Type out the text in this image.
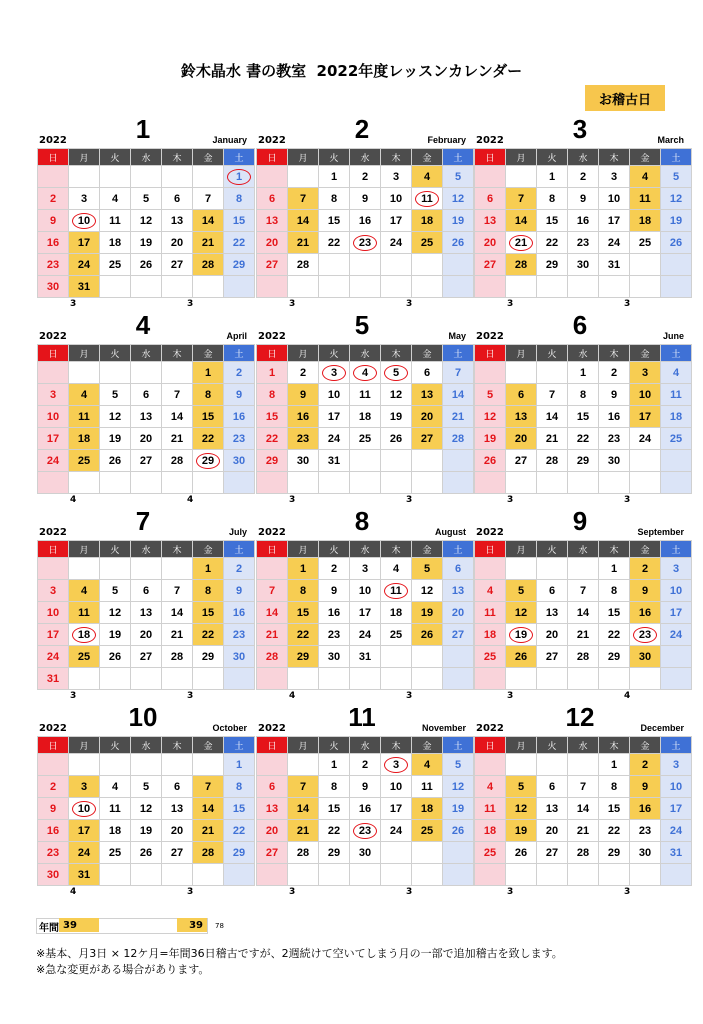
鈴木晶水 書の教室  2022年度レッスンカレンダー
お稽古日
2022	1	January
日	月	火	水	木	金	土
						1
2	3	4	5	6	7	8
9	10	11	12	13	14	15
16	17	18	19	20	21	22
23	24	25	26	27	28	29
30	31					
3	3
2022	2	February
日	月	火	水	木	金	土
		1	2	3	4	5
6	7	8	9	10	11	12
13	14	15	16	17	18	19
20	21	22	23	24	25	26
27	28					

3	3
2022	3	March
日	月	火	水	木	金	土
		1	2	3	4	5
6	7	8	9	10	11	12
13	14	15	16	17	18	19
20	21	22	23	24	25	26
27	28	29	30	31		

3	3
2022	4	April
日	月	火	水	木	金	土
					1	2
3	4	5	6	7	8	9
10	11	12	13	14	15	16
17	18	19	20	21	22	23
24	25	26	27	28	29	30

4	4
2022	5	May
日	月	火	水	木	金	土
1	2	3	4	5	6	7
8	9	10	11	12	13	14
15	16	17	18	19	20	21
22	23	24	25	26	27	28
29	30	31				

3	3
2022	6	June
日	月	火	水	木	金	土
			1	2	3	4
5	6	7	8	9	10	11
12	13	14	15	16	17	18
19	20	21	22	23	24	25
26	27	28	29	30		

3	3
2022	7	July
日	月	火	水	木	金	土
					1	2
3	4	5	6	7	8	9
10	11	12	13	14	15	16
17	18	19	20	21	22	23
24	25	26	27	28	29	30
31						
3	3
2022	8	August
日	月	火	水	木	金	土
	1	2	3	4	5	6
7	8	9	10	11	12	13
14	15	16	17	18	19	20
21	22	23	24	25	26	27
28	29	30	31			

4	3
2022	9	September
日	月	火	水	木	金	土
				1	2	3
4	5	6	7	8	9	10
11	12	13	14	15	16	17
18	19	20	21	22	23	24
25	26	27	28	29	30	

3	4
2022	10	October
日	月	火	水	木	金	土
						1
2	3	4	5	6	7	8
9	10	11	12	13	14	15
16	17	18	19	20	21	22
23	24	25	26	27	28	29
30	31					
4	3
2022	11	November
日	月	火	水	木	金	土
		1	2	3	4	5
6	7	8	9	10	11	12
13	14	15	16	17	18	19
20	21	22	23	24	25	26
27	28	29	30			

3	3
2022	12	December
日	月	火	水	木	金	土
				1	2	3
4	5	6	7	8	9	10
11	12	13	14	15	16	17
18	19	20	21	22	23	24
25	26	27	28	29	30	31

3	3
年間 39	39	78
※基本、月3日 × 12ケ月=年間36日稽古ですが、2週続けて空いてしまう月の一部で追加稽古を致します。
※急な変更がある場合があります。
